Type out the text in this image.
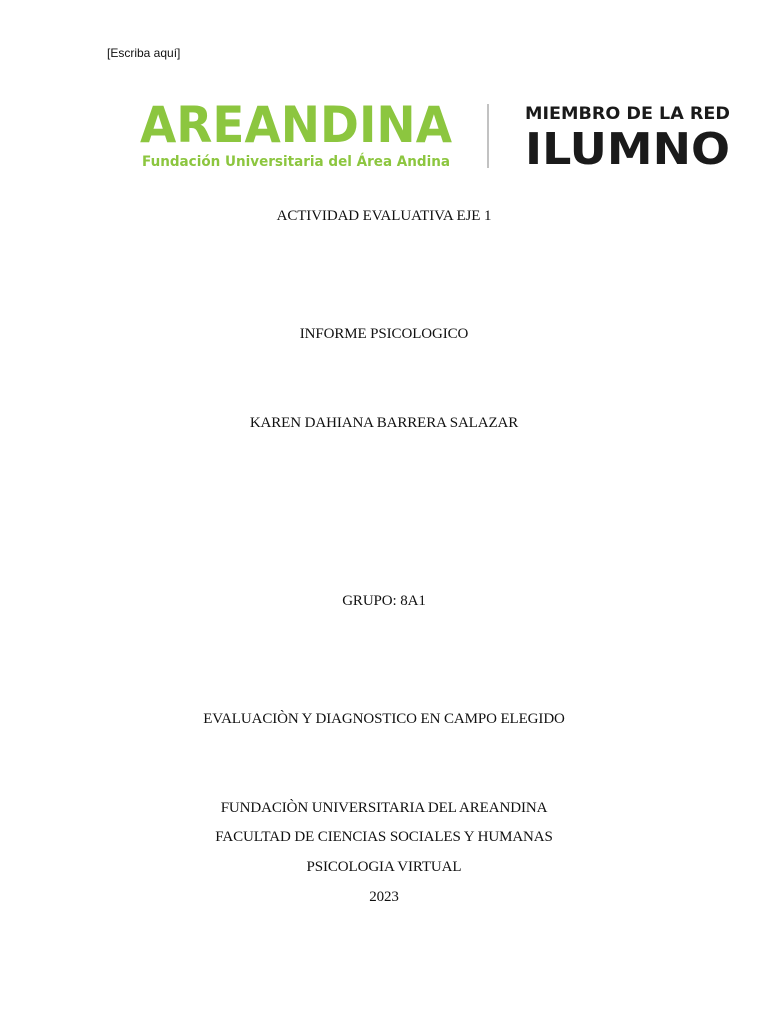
[Escriba aquí]
AREANDINA
Fundación Universitaria del Área Andina
MIEMBRO DE LA RED
ILUMNO
ACTIVIDAD EVALUATIVA EJE 1
INFORME PSICOLOGICO
KAREN DAHIANA BARRERA SALAZAR
GRUPO: 8A1
EVALUACIÒN Y DIAGNOSTICO EN CAMPO ELEGIDO
FUNDACIÒN UNIVERSITARIA DEL AREANDINA
FACULTAD DE CIENCIAS SOCIALES Y HUMANAS
PSICOLOGIA VIRTUAL
2023
